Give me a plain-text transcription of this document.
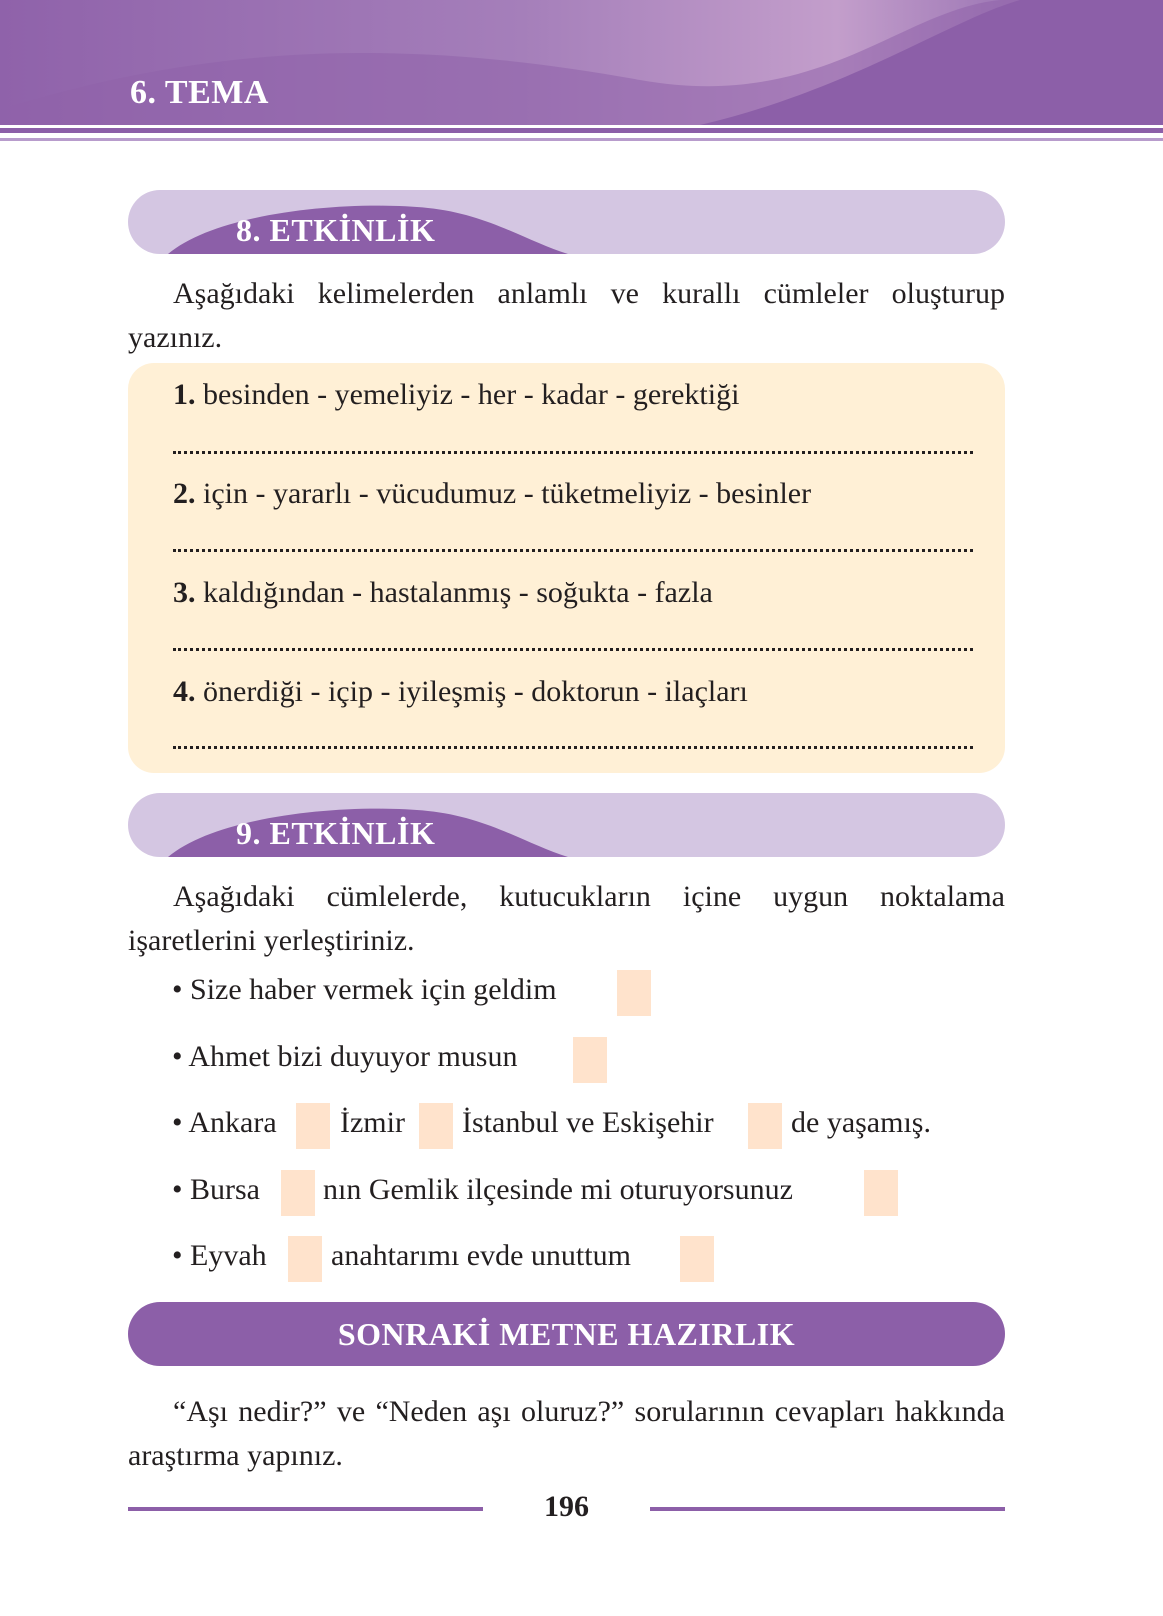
6. TEMA
8. ETKİNLİK

Aşağıdaki kelimelerden anlamlı ve kurallı cümleler oluşturup yazınız.

1. besinden - yemeliyiz - her - kadar - gerektiği
2. için - yararlı - vücudumuz - tüketmeliyiz - besinler
3. kaldığından - hastalanmış - soğukta - fazla
4. önerdiği - içip - iyileşmiş - doktorun - ilaçları
9. ETKİNLİK

Aşağıdaki cümlelerde, kutucukların içine uygun noktalama işaretlerini yerleştiriniz.

• Size haber vermek için geldim
• Ahmet bizi duyuyor musun
• Ankara İzmir İstanbul ve Eskişehir	de yaşamış.
• Bursa nın Gemlik ilçesinde mi oturuyorsunuz
• Eyvah anahtarımı evde unuttum
SONRAKİ METNE HAZIRLIK

“Aşı nedir?” ve “Neden aşı oluruz?” sorularının cevapları hakkında araştırma yapınız.

196
